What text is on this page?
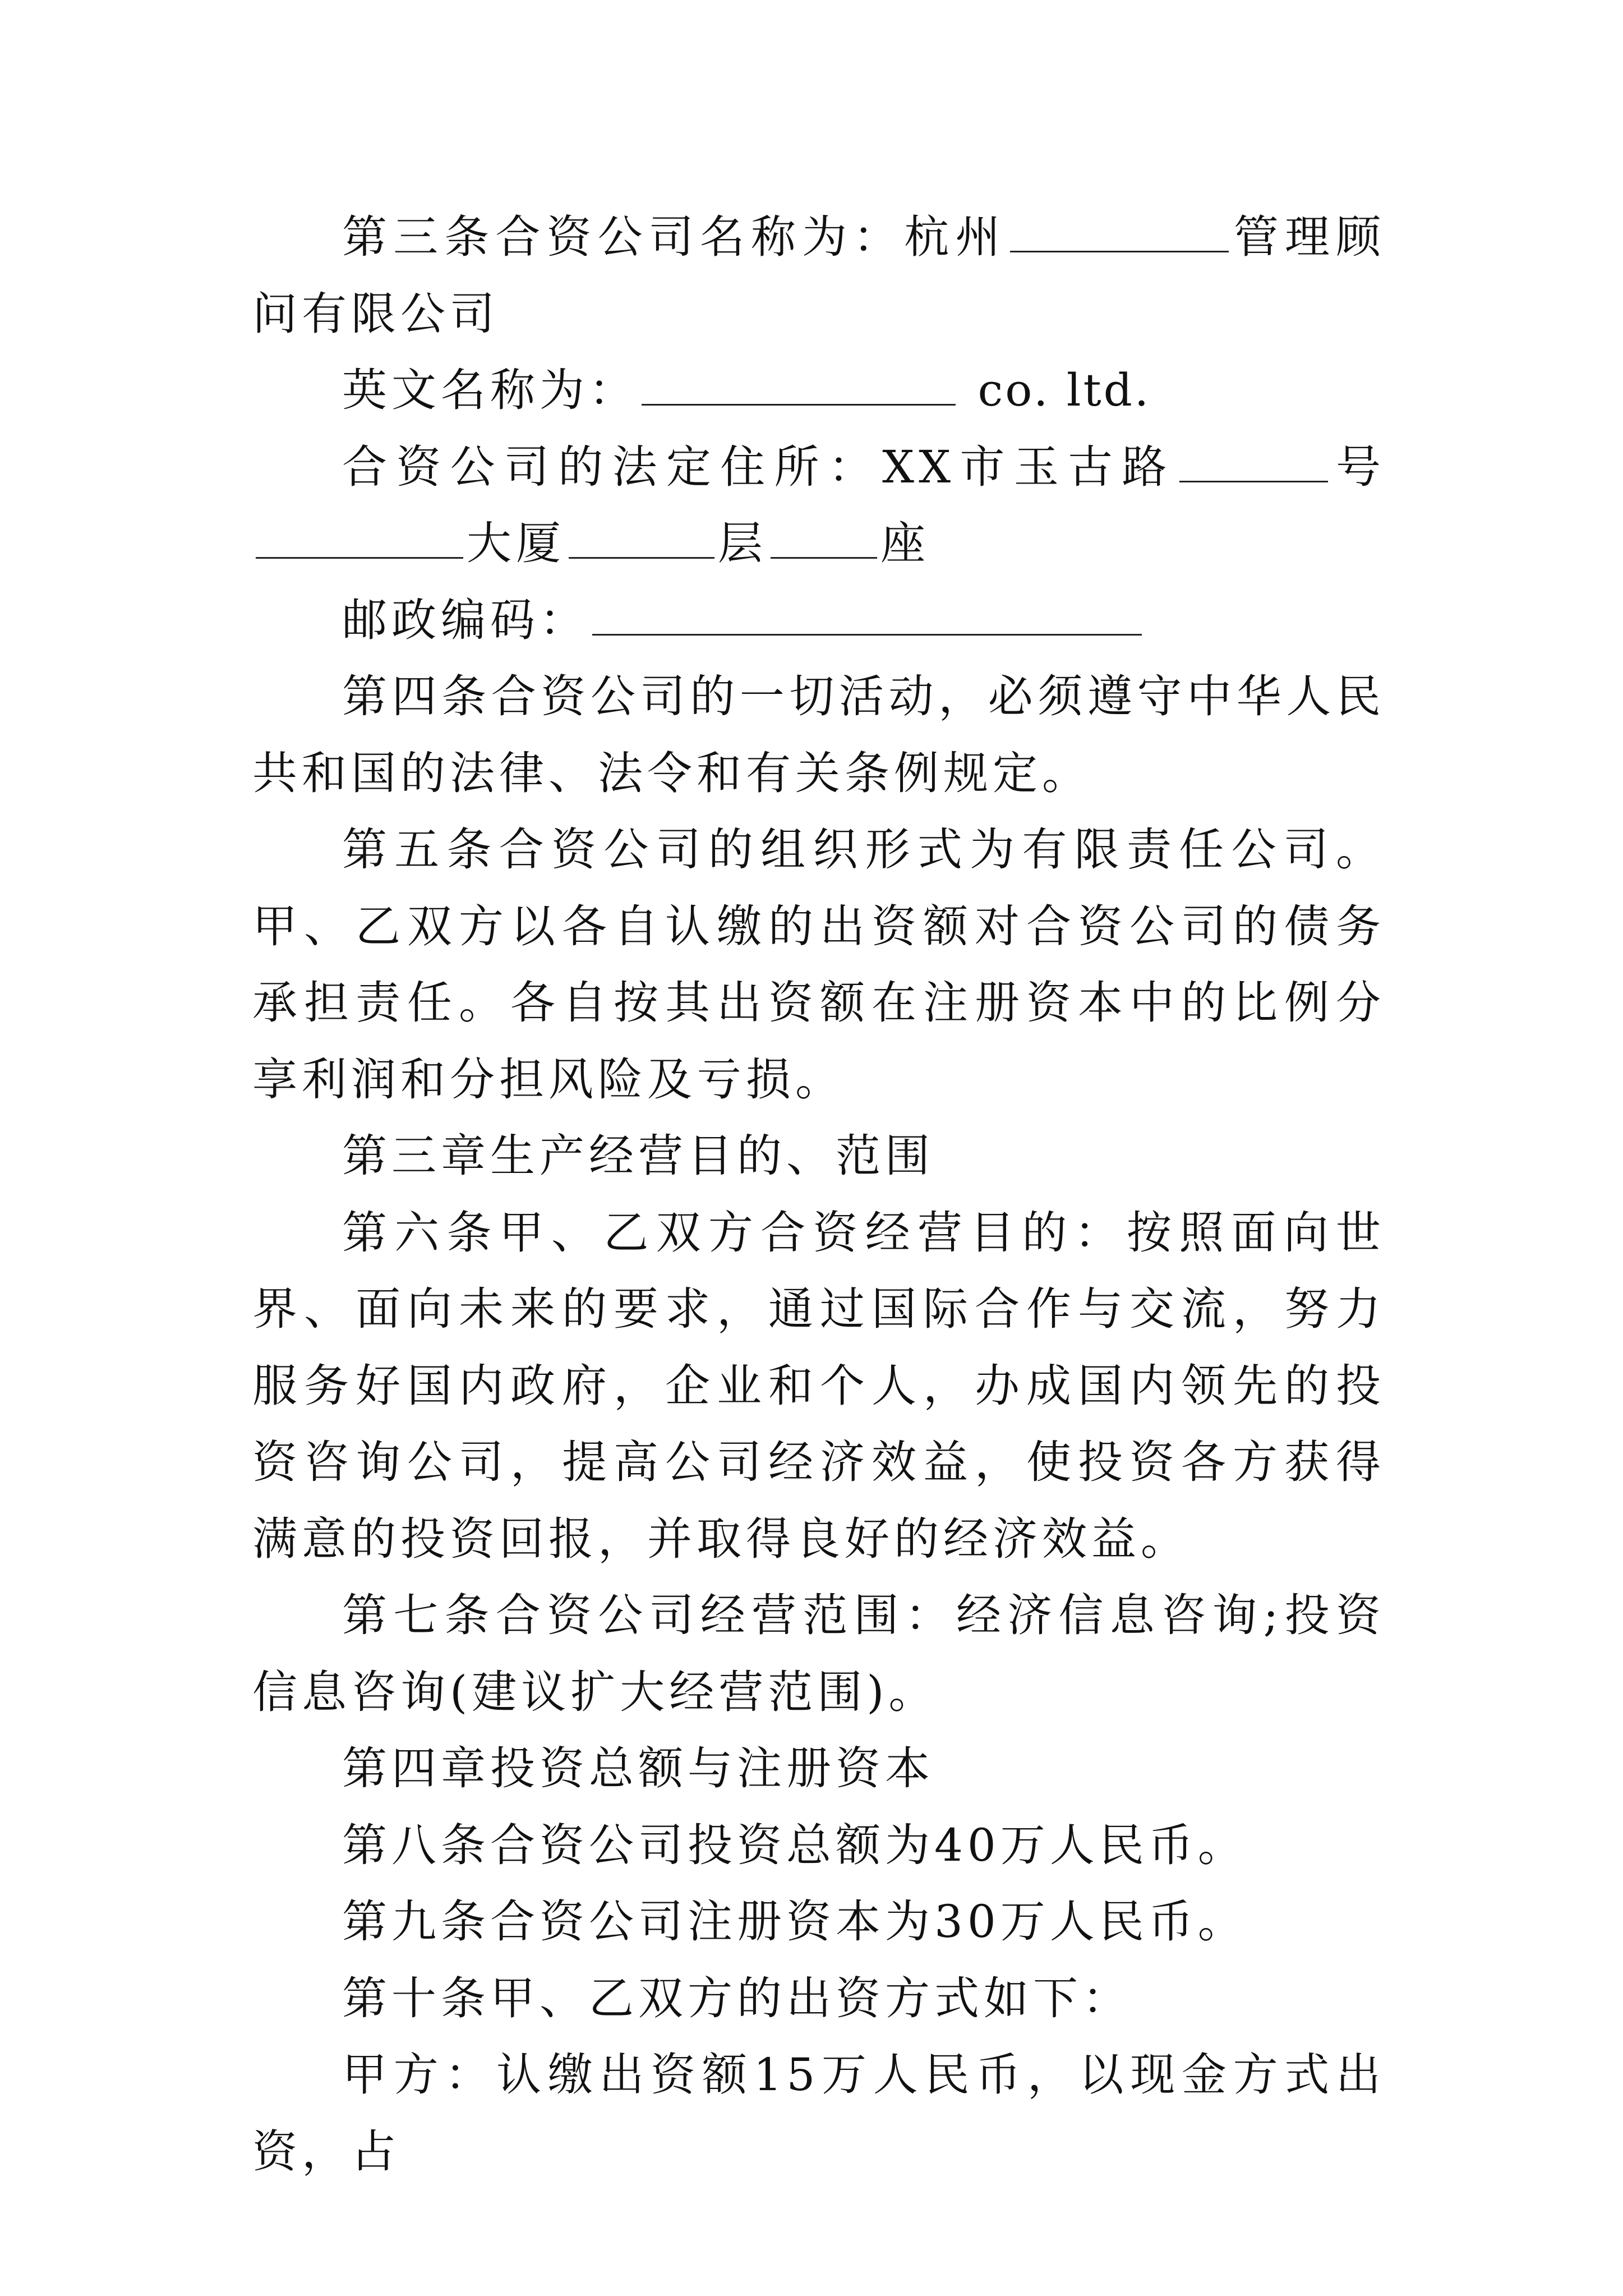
第三条合资公司名称为：杭州	管理顾问有限公司

英文名称为：	co. ltd.

合资公司的法定住所：XX市玉古路	号大厦	层	座

邮政编码：

第四条合资公司的一切活动，必须遵守中华人民共和国的法律、法令和有关条例规定。

第五条合资公司的组织形式为有限责任公司。甲、乙双方以各自认缴的出资额对合资公司的债务承担责任。各自按其出资额在注册资本中的比例分享利润和分担风险及亏损。

第三章生产经营目的、范围

第六条甲、乙双方合资经营目的：按照面向世界、面向未来的要求，通过国际合作与交流，努力服务好国内政府，企业和个人，办成国内领先的投资咨询公司，提高公司经济效益，使投资各方获得满意的投资回报，并取得良好的经济效益。

第七条合资公司经营范围：经济信息咨询;投资信息咨询(建议扩大经营范围)。

第四章投资总额与注册资本

第八条合资公司投资总额为40万人民币。

第九条合资公司注册资本为30万人民币。

第十条甲、乙双方的出资方式如下：

甲方：认缴出资额15万人民币，以现金方式出资，占
